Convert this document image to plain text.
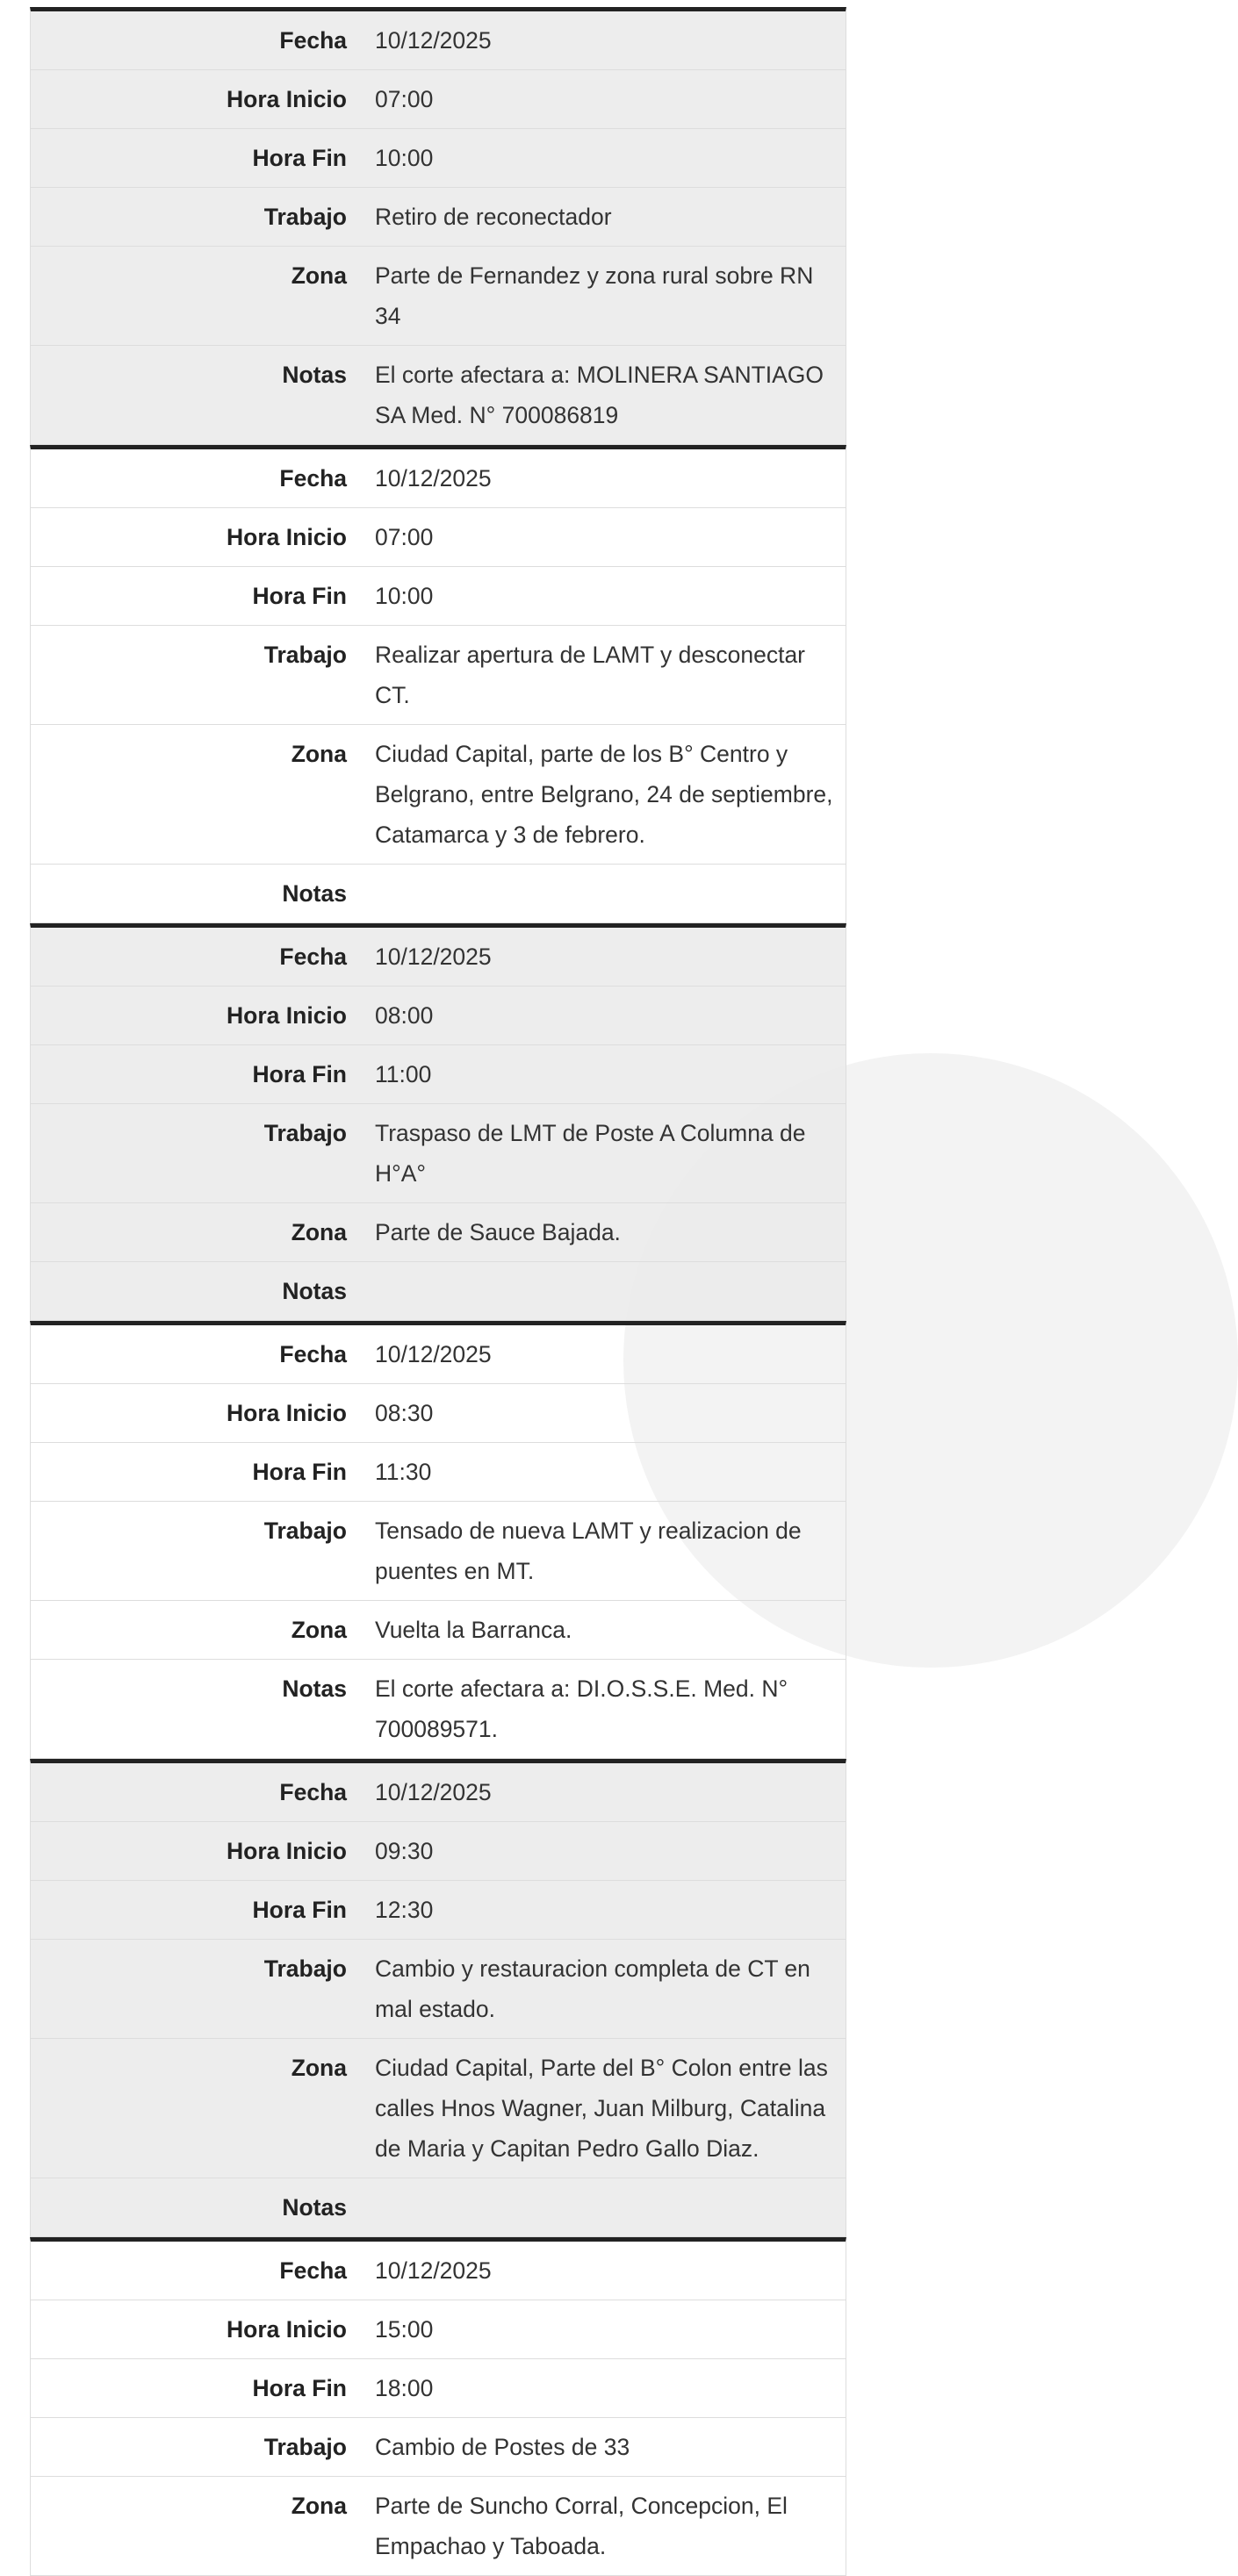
Fecha	10/12/2025
Hora Inicio	07:00
Hora Fin	10:00
Trabajo	Retiro de reconectador
Zona	Parte de Fernandez y zona rural sobre RN 34
Notas	El corte afectara a: MOLINERA SANTIAGO SA Med. N° 700086819
Fecha	10/12/2025
Hora Inicio	07:00
Hora Fin	10:00
Trabajo	Realizar apertura de LAMT y desconectar CT.
Zona	Ciudad Capital, parte de los B° Centro y Belgrano, entre Belgrano, 24 de septiembre, Catamarca y 3 de febrero.
Notas
Fecha	10/12/2025
Hora Inicio	08:00
Hora Fin	11:00
Trabajo	Traspaso de LMT de Poste A Columna de H°A°
Zona	Parte de Sauce Bajada.
Notas
Fecha	10/12/2025
Hora Inicio	08:30
Hora Fin	11:30
Trabajo	Tensado de nueva LAMT y realizacion de puentes en MT.
Zona	Vuelta la Barranca.
Notas	El corte afectara a: DI.O.S.S.E. Med. N° 700089571.
Fecha	10/12/2025
Hora Inicio	09:30
Hora Fin	12:30
Trabajo	Cambio y restauracion completa de CT en mal estado.
Zona	Ciudad Capital, Parte del B° Colon entre las calles Hnos Wagner, Juan Milburg, Catalina de Maria y Capitan Pedro Gallo Diaz.
Notas
Fecha	10/12/2025
Hora Inicio	15:00
Hora Fin	18:00
Trabajo	Cambio de Postes de 33
Zona	Parte de Suncho Corral, Concepcion, El Empachao y Taboada.
